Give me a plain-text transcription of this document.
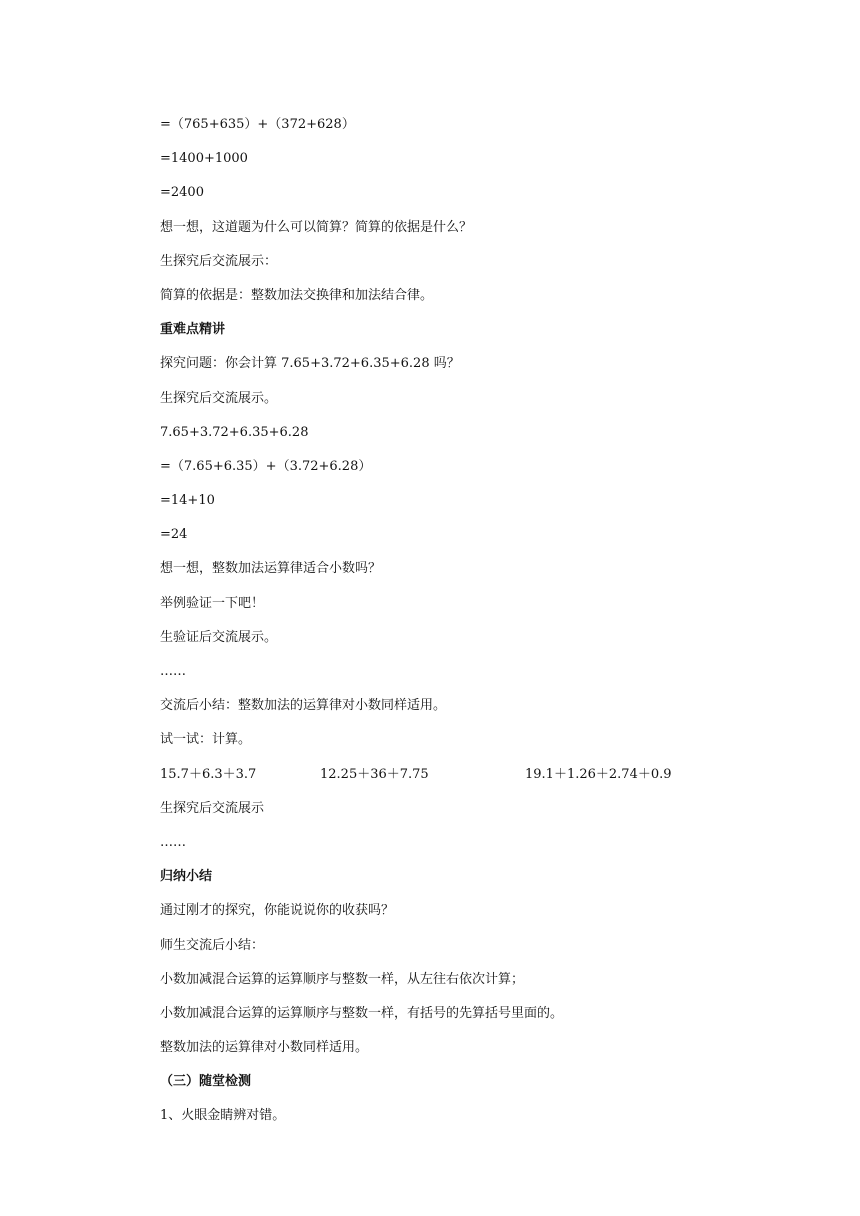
=（765+635）+（372+628）
=1400+1000
=2400
想一想，这道题为什么可以简算？简算的依据是什么？
生探究后交流展示：
简算的依据是：整数加法交换律和加法结合律。
重难点精讲
探究问题：你会计算 7.65+3.72+6.35+6.28 吗？
生探究后交流展示。
7.65+3.72+6.35+6.28
=（7.65+6.35）+（3.72+6.28）
=14+10
=24
想一想，整数加法运算律适合小数吗？
举例验证一下吧！
生验证后交流展示。
……
交流后小结：整数加法的运算律对小数同样适用。
试一试：计算。
15.7＋6.3＋3.7	12.25＋36＋7.75	19.1＋1.26＋2.74＋0.9
生探究后交流展示
……
归纳小结
通过刚才的探究，你能说说你的收获吗？
师生交流后小结：
小数加减混合运算的运算顺序与整数一样，从左往右依次计算；
小数加减混合运算的运算顺序与整数一样，有括号的先算括号里面的。
整数加法的运算律对小数同样适用。
（三）随堂检测
1、火眼金睛辨对错。
